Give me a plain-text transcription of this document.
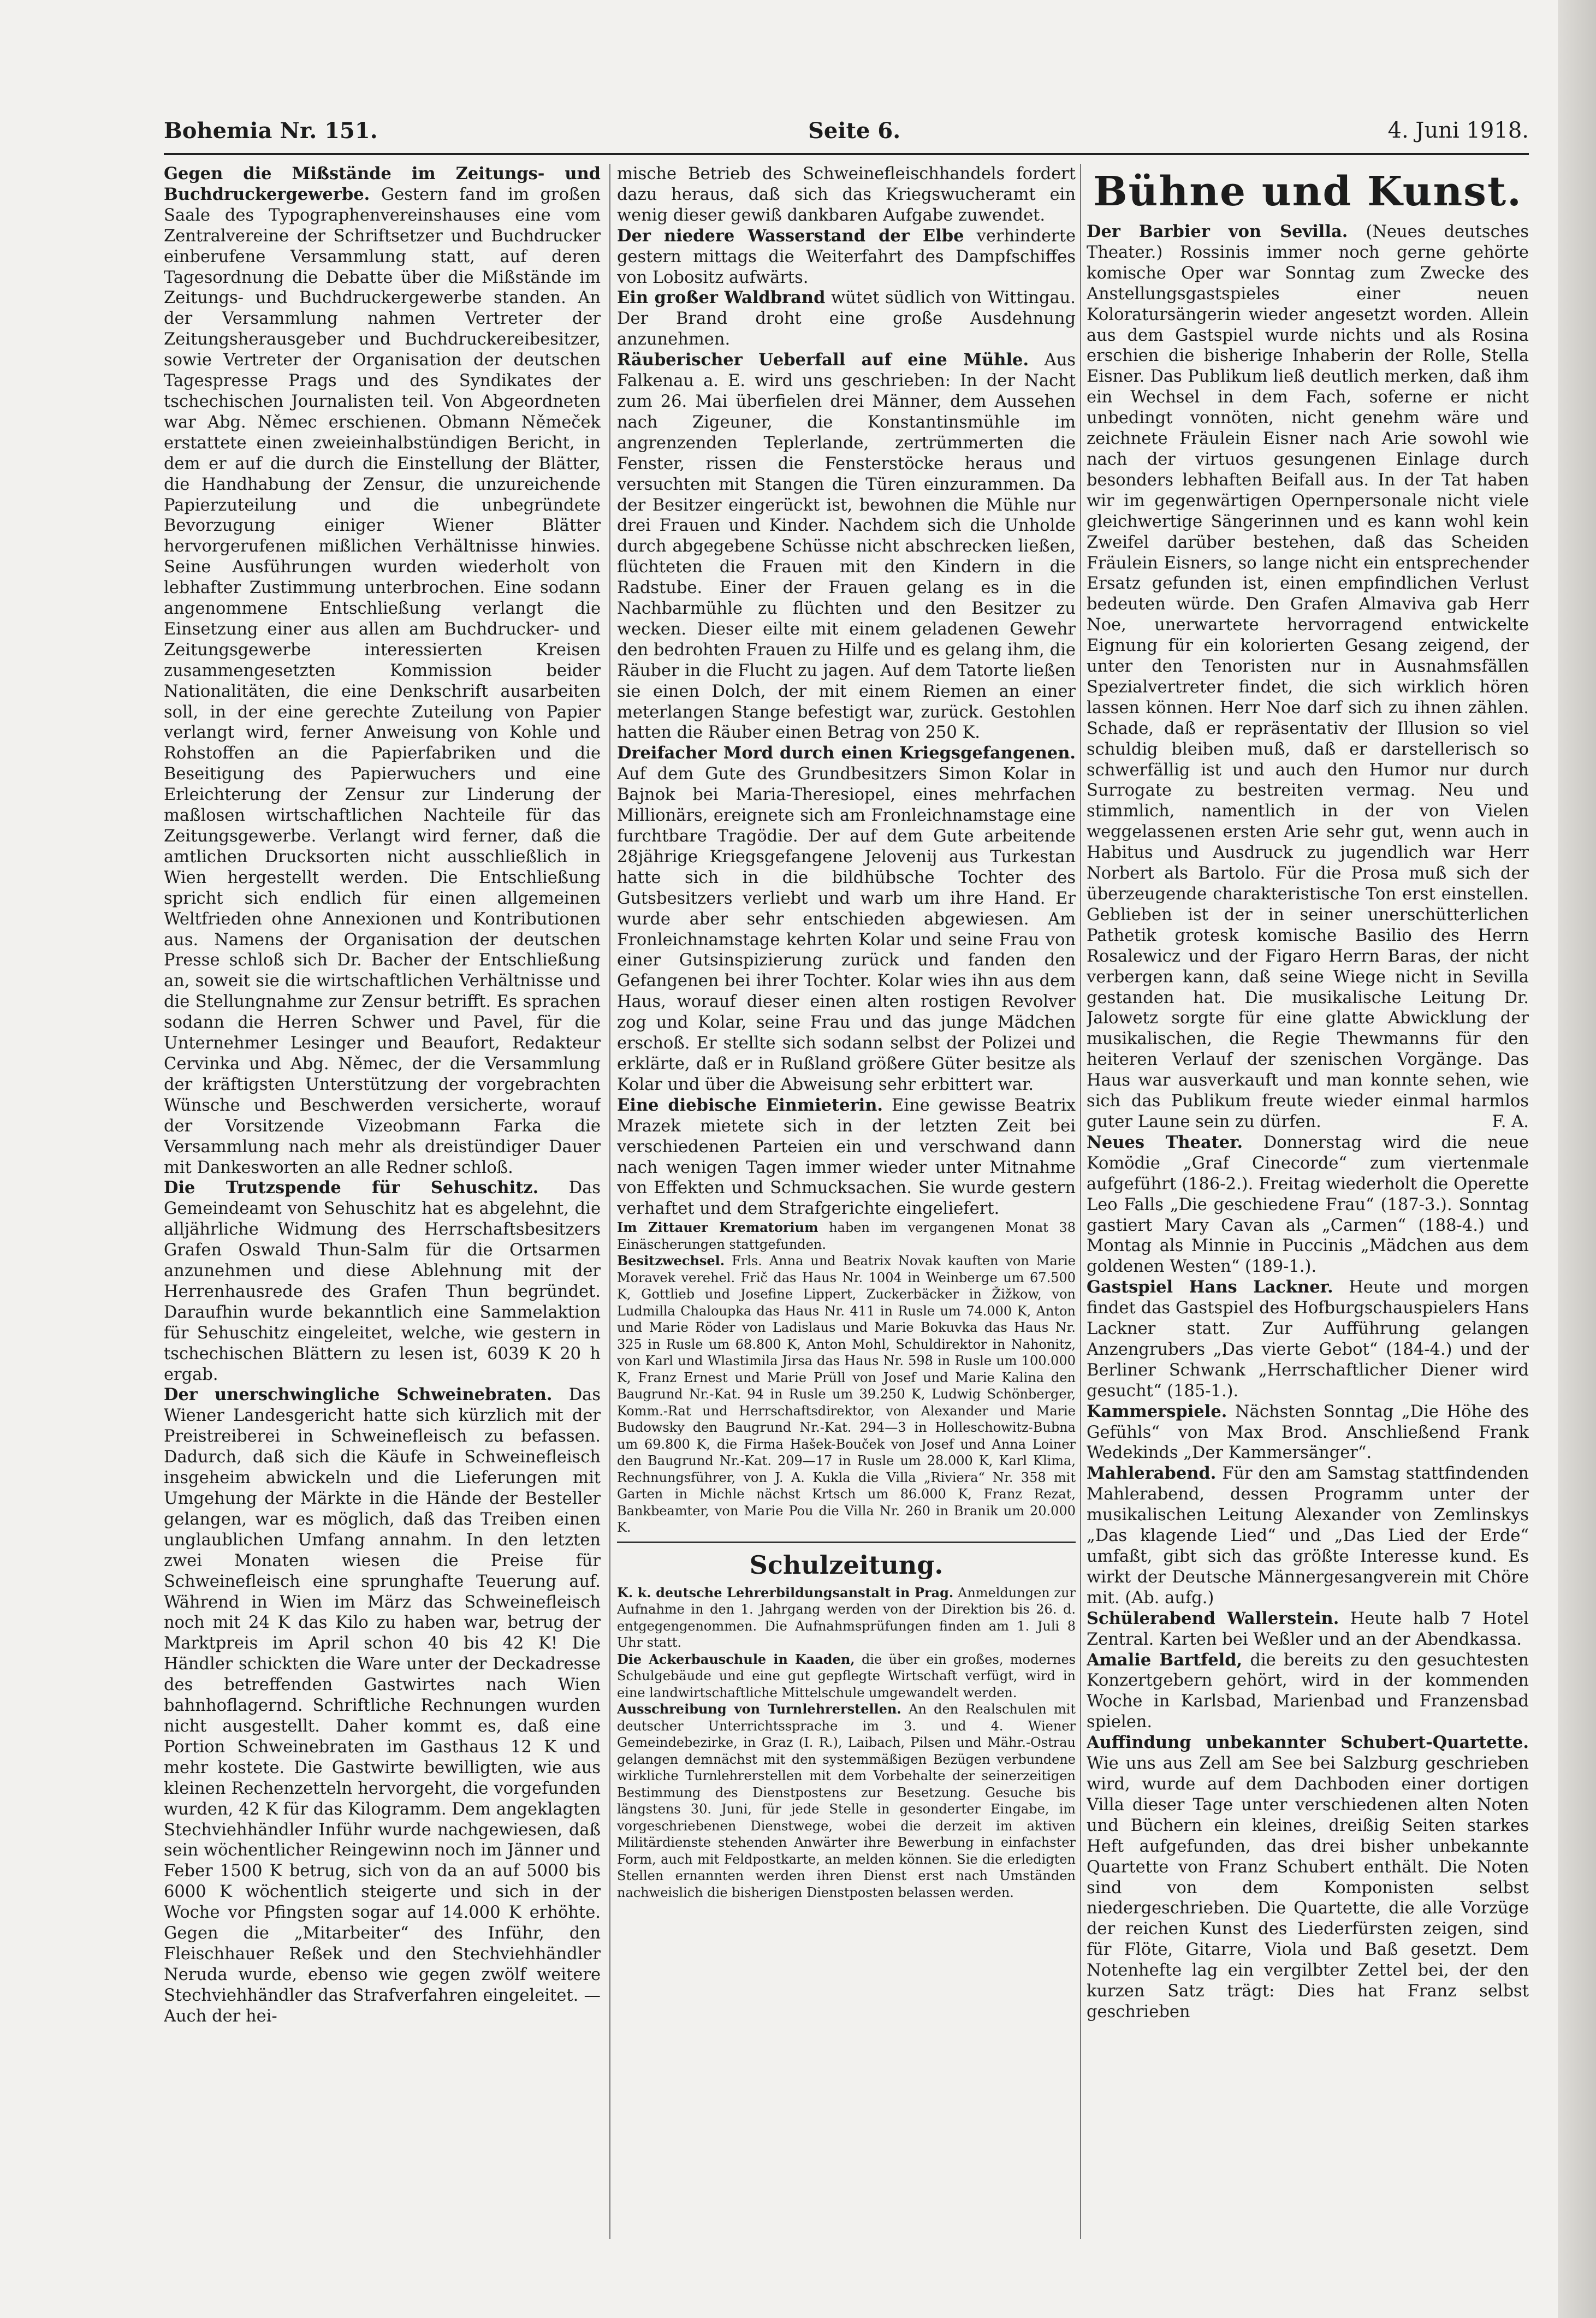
Bohemia Nr. 151.	Seite 6.	4. Juni 1918.

Gegen die Mißstände im Zeitungs- und Buchdruckergewerbe. Gestern fand im großen Saale des Typographenvereinshauses eine vom Zentralvereine der Schriftsetzer und Buchdrucker einberufene Versammlung statt, auf deren Tagesordnung die Debatte über die Mißstände im Zeitungs- und Buchdruckergewerbe standen. An der Versammlung nahmen Vertreter der Zeitungsherausgeber und Buchdruckereibesitzer, sowie Vertreter der Organisation der deutschen Tagespresse Prags und des Syndikates der tschechischen Journalisten teil. Von Abgeordneten war Abg. Němec erschienen. Obmann Němeček erstattete einen zweieinhalbstündigen Bericht, in dem er auf die durch die Einstellung der Blätter, die Handhabung der Zensur, die unzureichende Papierzuteilung und die unbegründete Bevorzugung einiger Wiener Blätter hervorgerufenen mißlichen Verhältnisse hinwies. Seine Ausführungen wurden wiederholt von lebhafter Zustimmung unterbrochen. Eine sodann angenommene Entschließung verlangt die Einsetzung einer aus allen am Buchdrucker- und Zeitungsgewerbe interessierten Kreisen zusammengesetzten Kommission beider Nationalitäten, die eine Denkschrift ausarbeiten soll, in der eine gerechte Zuteilung von Papier verlangt wird, ferner Anweisung von Kohle und Rohstoffen an die Papierfabriken und die Beseitigung des Papierwuchers und eine Erleichterung der Zensur zur Linderung der maßlosen wirtschaftlichen Nachteile für das Zeitungsgewerbe. Verlangt wird ferner, daß die amtlichen Drucksorten nicht ausschließlich in Wien hergestellt werden. Die Entschließung spricht sich endlich für einen allgemeinen Weltfrieden ohne Annexionen und Kontributionen aus. Namens der Organisation der deutschen Presse schloß sich Dr. Bacher der Entschließung an, soweit sie die wirtschaftlichen Verhältnisse und die Stellungnahme zur Zensur betrifft. Es sprachen sodann die Herren Schwer und Pavel, für die Unternehmer Lesinger und Beaufort, Redakteur Cervinka und Abg. Němec, der die Versammlung der kräftigsten Unterstützung der vorgebrachten Wünsche und Beschwerden versicherte, worauf der Vorsitzende Vizeobmann Farka die Versammlung nach mehr als dreistündiger Dauer mit Dankesworten an alle Redner schloß.

Die Trutzspende für Sehuschitz. Das Gemeindeamt von Sehuschitz hat es abgelehnt, die alljährliche Widmung des Herrschaftsbesitzers Grafen Oswald Thun-Salm für die Ortsarmen anzunehmen und diese Ablehnung mit der Herrenhausrede des Grafen Thun begründet. Daraufhin wurde bekanntlich eine Sammelaktion für Sehuschitz eingeleitet, welche, wie gestern in tschechischen Blättern zu lesen ist, 6039 K 20 h ergab.

Der unerschwingliche Schweinebraten. Das Wiener Landesgericht hatte sich kürzlich mit der Preistreiberei in Schweinefleisch zu befassen. Dadurch, daß sich die Käufe in Schweinefleisch insgeheim abwickeln und die Lieferungen mit Umgehung der Märkte in die Hände der Besteller gelangen, war es möglich, daß das Treiben einen unglaublichen Umfang annahm. In den letzten zwei Monaten wiesen die Preise für Schweinefleisch eine sprunghafte Teuerung auf. Während in Wien im März das Schweinefleisch noch mit 24 K das Kilo zu haben war, betrug der Marktpreis im April schon 40 bis 42 K! Die Händler schickten die Ware unter der Deckadresse des betreffenden Gastwirtes nach Wien bahnhoflagernd. Schriftliche Rechnungen wurden nicht ausgestellt. Daher kommt es, daß eine Portion Schweinebraten im Gasthaus 12 K und mehr kostete. Die Gastwirte bewilligten, wie aus kleinen Rechenzetteln hervorgeht, die vorgefunden wurden, 42 K für das Kilogramm. Dem angeklagten Stechviehhändler Inführ wurde nachgewiesen, daß sein wöchentlicher Reingewinn noch im Jänner und Feber 1500 K betrug, sich von da an auf 5000 bis 6000 K wöchentlich steigerte und sich in der Woche vor Pfingsten sogar auf 14.000 K erhöhte. Gegen die „Mitarbeiter“ des Inführ, den Fleischhauer Reßek und den Stechviehhändler Neruda wurde, ebenso wie gegen zwölf weitere Stechviehhändler das Strafverfahren eingeleitet. — Auch der hei-

mische Betrieb des Schweinefleischhandels fordert dazu heraus, daß sich das Kriegswucheramt ein wenig dieser gewiß dankbaren Aufgabe zuwendet.

Der niedere Wasserstand der Elbe verhinderte gestern mittags die Weiterfahrt des Dampfschiffes von Lobositz aufwärts.

Ein großer Waldbrand wütet südlich von Wittingau. Der Brand droht eine große Ausdehnung anzunehmen.

Räuberischer Ueberfall auf eine Mühle. Aus Falkenau a. E. wird uns geschrieben: In der Nacht zum 26. Mai überfielen drei Männer, dem Aussehen nach Zigeuner, die Konstantinsmühle im angrenzenden Teplerlande, zertrümmerten die Fenster, rissen die Fensterstöcke heraus und versuchten mit Stangen die Türen einzurammen. Da der Besitzer eingerückt ist, bewohnen die Mühle nur drei Frauen und Kinder. Nachdem sich die Unholde durch abgegebene Schüsse nicht abschrecken ließen, flüchteten die Frauen mit den Kindern in die Radstube. Einer der Frauen gelang es in die Nachbarmühle zu flüchten und den Besitzer zu wecken. Dieser eilte mit einem geladenen Gewehr den bedrohten Frauen zu Hilfe und es gelang ihm, die Räuber in die Flucht zu jagen. Auf dem Tatorte ließen sie einen Dolch, der mit einem Riemen an einer meterlangen Stange befestigt war, zurück. Gestohlen hatten die Räuber einen Betrag von 250 K.

Dreifacher Mord durch einen Kriegsgefangenen. Auf dem Gute des Grundbesitzers Simon Kolar in Bajnok bei Maria-Theresiopel, eines mehrfachen Millionärs, ereignete sich am Fronleichnamstage eine furchtbare Tragödie. Der auf dem Gute arbeitende 28jährige Kriegsgefangene Jelovenij aus Turkestan hatte sich in die bildhübsche Tochter des Gutsbesitzers verliebt und warb um ihre Hand. Er wurde aber sehr entschieden abgewiesen. Am Fronleichnamstage kehrten Kolar und seine Frau von einer Gutsinspizierung zurück und fanden den Gefangenen bei ihrer Tochter. Kolar wies ihn aus dem Haus, worauf dieser einen alten rostigen Revolver zog und Kolar, seine Frau und das junge Mädchen erschoß. Er stellte sich sodann selbst der Polizei und erklärte, daß er in Rußland größere Güter besitze als Kolar und über die Abweisung sehr erbittert war.

Eine diebische Einmieterin. Eine gewisse Beatrix Mrazek mietete sich in der letzten Zeit bei verschiedenen Parteien ein und verschwand dann nach wenigen Tagen immer wieder unter Mitnahme von Effekten und Schmucksachen. Sie wurde gestern verhaftet und dem Strafgerichte eingeliefert.

Im Zittauer Krematorium haben im vergangenen Monat 38 Einäscherungen stattgefunden.

Besitzwechsel. Frls. Anna und Beatrix Novak kauften von Marie Moravek verehel. Frič das Haus Nr. 1004 in Weinberge um 67.500 K, Gottlieb und Josefine Lippert, Zuckerbäcker in Žižkow, von Ludmilla Chaloupka das Haus Nr. 411 in Rusle um 74.000 K, Anton und Marie Röder von Ladislaus und Marie Bokuvka das Haus Nr. 325 in Rusle um 68.800 K, Anton Mohl, Schuldirektor in Nahonitz, von Karl und Wlastimila Jirsa das Haus Nr. 598 in Rusle um 100.000 K, Franz Ernest und Marie Prüll von Josef und Marie Kalina den Baugrund Nr.-Kat. 94 in Rusle um 39.250 K, Ludwig Schönberger, Komm.-Rat und Herrschaftsdirektor, von Alexander und Marie Budowsky den Baugrund Nr.-Kat. 294—3 in Holleschowitz-Bubna um 69.800 K, die Firma Hašek-Bouček von Josef und Anna Loiner den Baugrund Nr.-Kat. 209—17 in Rusle um 28.000 K, Karl Klima, Rechnungsführer, von J. A. Kukla die Villa „Riviera“ Nr. 358 mit Garten in Michle nächst Krtsch um 86.000 K, Franz Rezat, Bankbeamter, von Marie Pou die Villa Nr. 260 in Branik um 20.000 K.

Schulzeitung.

K. k. deutsche Lehrerbildungsanstalt in Prag. Anmeldungen zur Aufnahme in den 1. Jahrgang werden von der Direktion bis 26. d. entgegengenommen. Die Aufnahmsprüfungen finden am 1. Juli 8 Uhr statt.

Die Ackerbauschule in Kaaden, die über ein großes, modernes Schulgebäude und eine gut gepflegte Wirtschaft verfügt, wird in eine landwirtschaftliche Mittelschule umgewandelt werden.

Ausschreibung von Turnlehrerstellen. An den Realschulen mit deutscher Unterrichtssprache im 3. und 4. Wiener Gemeindebezirke, in Graz (I. R.), Laibach, Pilsen und Mähr.-Ostrau gelangen demnächst mit den systemmäßigen Bezügen verbundene wirkliche Turnlehrerstellen mit dem Vorbehalte der seinerzeitigen Bestimmung des Dienstpostens zur Besetzung. Gesuche bis längstens 30. Juni, für jede Stelle in gesonderter Eingabe, im vorgeschriebenen Dienstwege, wobei die derzeit im aktiven Militärdienste stehenden Anwärter ihre Bewerbung in einfachster Form, auch mit Feldpostkarte, an melden können. Sie die erledigten Stellen ernannten werden ihren Dienst erst nach Umständen nachweislich die bisherigen Dienstposten belassen werden.

Bühne und Kunst.

Der Barbier von Sevilla. (Neues deutsches Theater.) Rossinis immer noch gerne gehörte komische Oper war Sonntag zum Zwecke des Anstellungsgastspieles einer neuen Koloratursängerin wieder angesetzt worden. Allein aus dem Gastspiel wurde nichts und als Rosina erschien die bisherige Inhaberin der Rolle, Stella Eisner. Das Publikum ließ deutlich merken, daß ihm ein Wechsel in dem Fach, soferne er nicht unbedingt vonnöten, nicht genehm wäre und zeichnete Fräulein Eisner nach Arie sowohl wie nach der virtuos gesungenen Einlage durch besonders lebhaften Beifall aus. In der Tat haben wir im gegenwärtigen Opernpersonale nicht viele gleichwertige Sängerinnen und es kann wohl kein Zweifel darüber bestehen, daß das Scheiden Fräulein Eisners, so lange nicht ein entsprechender Ersatz gefunden ist, einen empfindlichen Verlust bedeuten würde. Den Grafen Almaviva gab Herr Noe, unerwartete hervorragend entwickelte Eignung für ein kolorierten Gesang zeigend, der unter den Tenoristen nur in Ausnahmsfällen Spezialvertreter findet, die sich wirklich hören lassen können. Herr Noe darf sich zu ihnen zählen. Schade, daß er repräsentativ der Illusion so viel schuldig bleiben muß, daß er darstellerisch so schwerfällig ist und auch den Humor nur durch Surrogate zu bestreiten vermag. Neu und stimmlich, namentlich in der von Vielen weggelassenen ersten Arie sehr gut, wenn auch in Habitus und Ausdruck zu jugendlich war Herr Norbert als Bartolo. Für die Prosa muß sich der überzeugende charakteristische Ton erst einstellen. Geblieben ist der in seiner unerschütterlichen Pathetik grotesk komische Basilio des Herrn Rosalewicz und der Figaro Herrn Baras, der nicht verbergen kann, daß seine Wiege nicht in Sevilla gestanden hat. Die musikalische Leitung Dr. Jalowetz sorgte für eine glatte Abwicklung der musikalischen, die Regie Thewmanns für den heiteren Verlauf der szenischen Vorgänge. Das Haus war ausverkauft und man konnte sehen, wie sich das Publikum freute wieder einmal harmlos guter Laune sein zu dürfen.	F. A.

Neues Theater. Donnerstag wird die neue Komödie „Graf Cinecorde“ zum viertenmale aufgeführt (186-2.). Freitag wiederholt die Operette Leo Falls „Die geschiedene Frau“ (187-3.). Sonntag gastiert Mary Cavan als „Carmen“ (188-4.) und Montag als Minnie in Puccinis „Mädchen aus dem goldenen Westen“ (189-1.).

Gastspiel Hans Lackner. Heute und morgen findet das Gastspiel des Hofburgschauspielers Hans Lackner statt. Zur Aufführung gelangen Anzengrubers „Das vierte Gebot“ (184-4.) und der Berliner Schwank „Herrschaftlicher Diener wird gesucht“ (185-1.).

Kammerspiele. Nächsten Sonntag „Die Höhe des Gefühls“ von Max Brod. Anschließend Frank Wedekinds „Der Kammersänger“.

Mahlerabend. Für den am Samstag stattfindenden Mahlerabend, dessen Programm unter der musikalischen Leitung Alexander von Zemlinskys „Das klagende Lied“ und „Das Lied der Erde“ umfaßt, gibt sich das größte Interesse kund. Es wirkt der Deutsche Männergesangverein mit Chöre mit. (Ab. aufg.)

Schülerabend Wallerstein. Heute halb 7 Hotel Zentral. Karten bei Weßler und an der Abendkassa.

Amalie Bartfeld, die bereits zu den gesuchtesten Konzertgebern gehört, wird in der kommenden Woche in Karlsbad, Marienbad und Franzensbad spielen.

Auffindung unbekannter Schubert-Quartette. Wie uns aus Zell am See bei Salzburg geschrieben wird, wurde auf dem Dachboden einer dortigen Villa dieser Tage unter verschiedenen alten Noten und Büchern ein kleines, dreißig Seiten starkes Heft aufgefunden, das drei bisher unbekannte Quartette von Franz Schubert enthält. Die Noten sind von dem Komponisten selbst niedergeschrieben. Die Quartette, die alle Vorzüge der reichen Kunst des Liederfürsten zeigen, sind für Flöte, Gitarre, Viola und Baß gesetzt. Dem Notenhefte lag ein vergilbter Zettel bei, der den kurzen Satz trägt: Dies hat Franz selbst geschrieben
